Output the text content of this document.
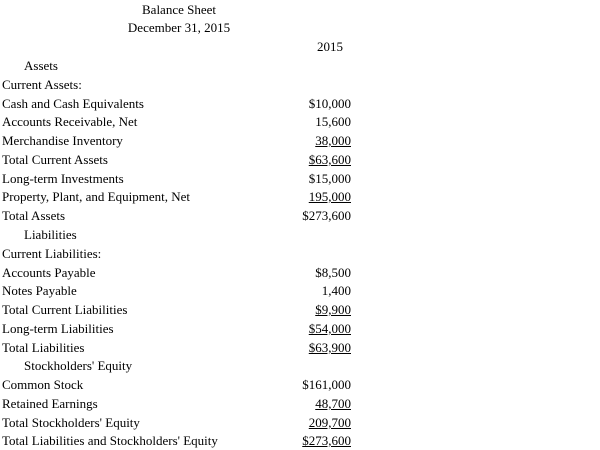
Balance Sheet
December 31, 2015
2015
Assets
Current Assets:
Cash and Cash Equivalents	$10,000
Accounts Receivable, Net	15,600
Merchandise Inventory	38,000
Total Current Assets	$63,600
Long-term Investments	$15,000
Property, Plant, and Equipment, Net	195,000
Total Assets	$273,600
Liabilities
Current Liabilities:
Accounts Payable	$8,500
Notes Payable	1,400
Total Current Liabilities	$9,900
Long-term Liabilities	$54,000
Total Liabilities	$63,900
Stockholders' Equity
Common Stock	$161,000
Retained Earnings	48,700
Total Stockholders' Equity	209,700
Total Liabilities and Stockholders' Equity	$273,600
